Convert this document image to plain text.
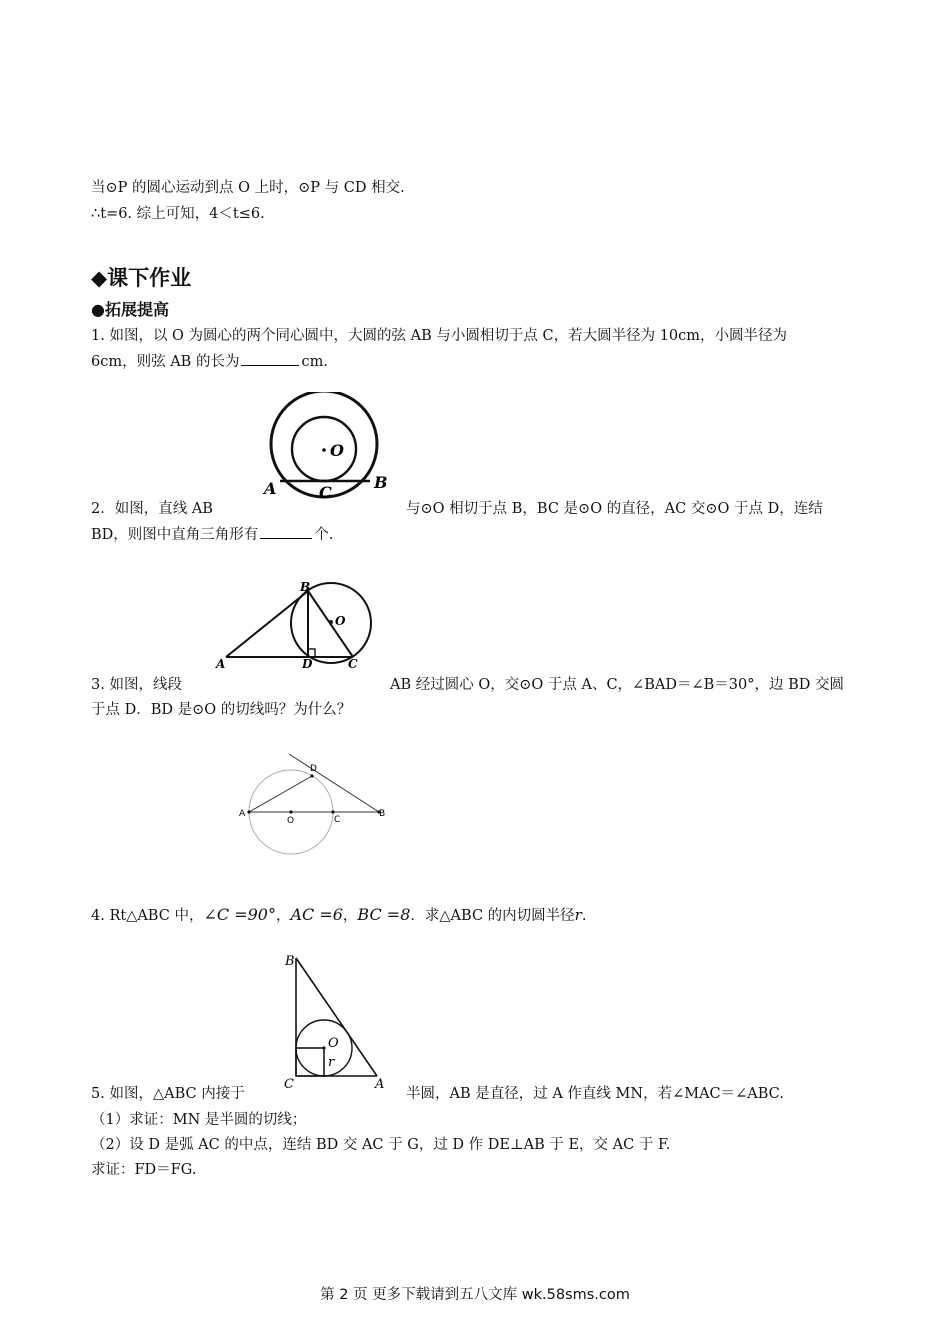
当⊙P 的圆心运动到点 O 上时，⊙P 与 CD 相交.
∴t=6. 综上可知，4＜t≤6.
◆课下作业
●拓展提高
1. 如图，以 O 为圆心的两个同心圆中，大圆的弦 AB 与小圆相切于点 C，若大圆半径为 10cm，小圆半径为
6cm，则弦 AB 的长为	cm.
O
A	C
B
2．如图，直线 AB	与⊙O 相切于点 B，BC 是⊙O 的直径，AC 交⊙O 于点 D，连结
BD，则图中直角三角形有	个.
B
O
A	D	C
3. 如图，线段	AB 经过圆心 O，交⊙O 于点 A、C，∠BAD＝∠B＝30°，边 BD 交圆
于点 D．BD 是⊙O 的切线吗？为什么？
D
A
O	C
B
4. Rt△ABC 中，∠C =90°，AC =6，BC =8．求△ABC 的内切圆半径r.
B
O
r
C	A
5. 如图，△ABC 内接于	半圆，AB 是直径，过 A 作直线 MN，若∠MAC＝∠ABC.
（1）求证：MN 是半圆的切线；
（2）设 D 是弧 AC 的中点，连结 BD 交 AC 于 G，过 D 作 DE⊥AB 于 E，交 AC 于 F.
求证：FD＝FG.
第 2 页 更多下载请到五八文库 wk.58sms.com
